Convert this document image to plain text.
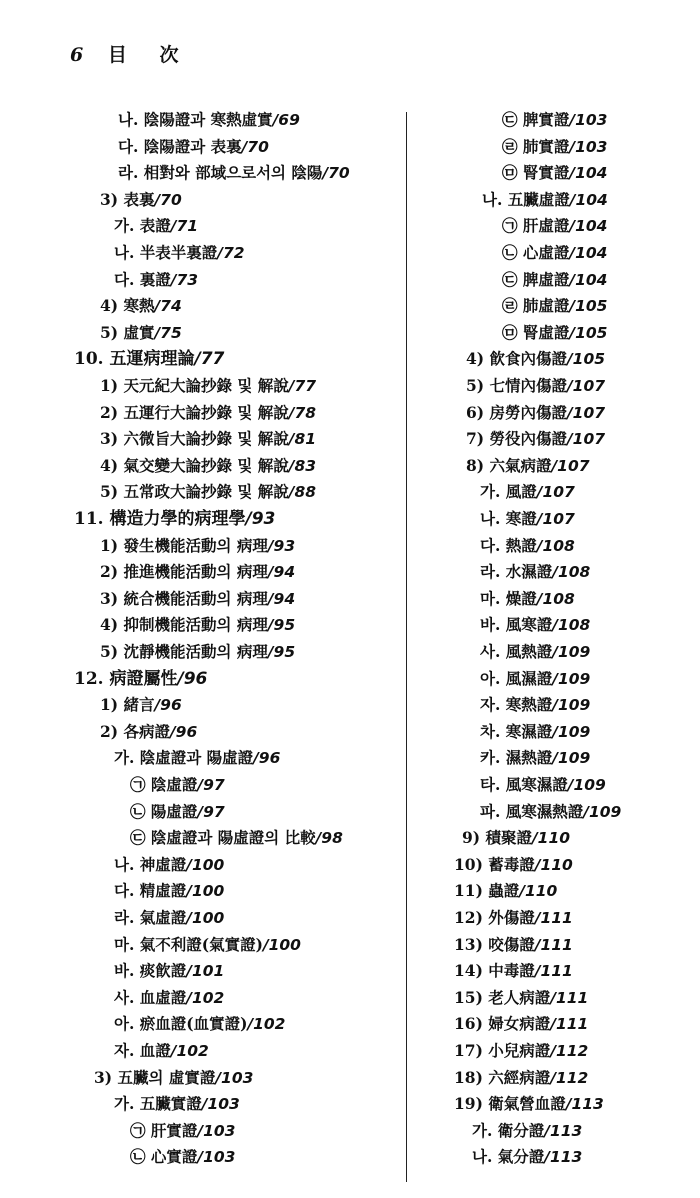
6 目 次
나. 陰陽證과 寒熱虛實/69
다. 陰陽證과 表裏/70
라. 相對와 部域으로서의 陰陽/70
3) 表裏/70
가. 表證/71
나. 半表半裏證/72
다. 裏證/73
4) 寒熱/74
5) 虛實/75
10. 五運病理論/77
1) 天元紀大論抄錄 및 解說/77
2) 五運行大論抄錄 및 解說/78
3) 六微旨大論抄錄 및 解說/81
4) 氣交變大論抄錄 및 解說/83
5) 五常政大論抄錄 및 解說/88
11. 構造力學的病理學/93
1) 發生機能活動의 病理/93
2) 推進機能活動의 病理/94
3) 統合機能活動의 病理/94
4) 抑制機能活動의 病理/95
5) 沈靜機能活動의 病理/95
12. 病證屬性/96
1) 緒言/96
2) 各病證/96
가. 陰虛證과 陽虛證/96
㉠ 陰虛證/97
㉡ 陽虛證/97
㉢ 陰虛證과 陽虛證의 比較/98
나. 神虛證/100
다. 精虛證/100
라. 氣虛證/100
마. 氣不利證(氣實證)/100
바. 痰飮證/101
사. 血虛證/102
아. 瘀血證(血實證)/102
자. 血證/102
3) 五臟의 虛實證/103
가. 五臟實證/103
㉠ 肝實證/103
㉡ 心實證/103
㉢ 脾實證/103
㉣ 肺實證/103
㉤ 腎實證/104
나. 五臟虛證/104
㉠ 肝虛證/104
㉡ 心虛證/104
㉢ 脾虛證/104
㉣ 肺虛證/105
㉤ 腎虛證/105
4) 飮食內傷證/105
5) 七情內傷證/107
6) 房勞內傷證/107
7) 勞役內傷證/107
8) 六氣病證/107
가. 風證/107
나. 寒證/107
다. 熱證/108
라. 水濕證/108
마. 燥證/108
바. 風寒證/108
사. 風熱證/109
아. 風濕證/109
자. 寒熱證/109
차. 寒濕證/109
카. 濕熱證/109
타. 風寒濕證/109
파. 風寒濕熱證/109
9) 積聚證/110
10) 蓄毒證/110
11) 蟲證/110
12) 外傷證/111
13) 咬傷證/111
14) 中毒證/111
15) 老人病證/111
16) 婦女病證/111
17) 小兒病證/112
18) 六經病證/112
19) 衛氣營血證/113
가. 衛分證/113
나. 氣分證/113
